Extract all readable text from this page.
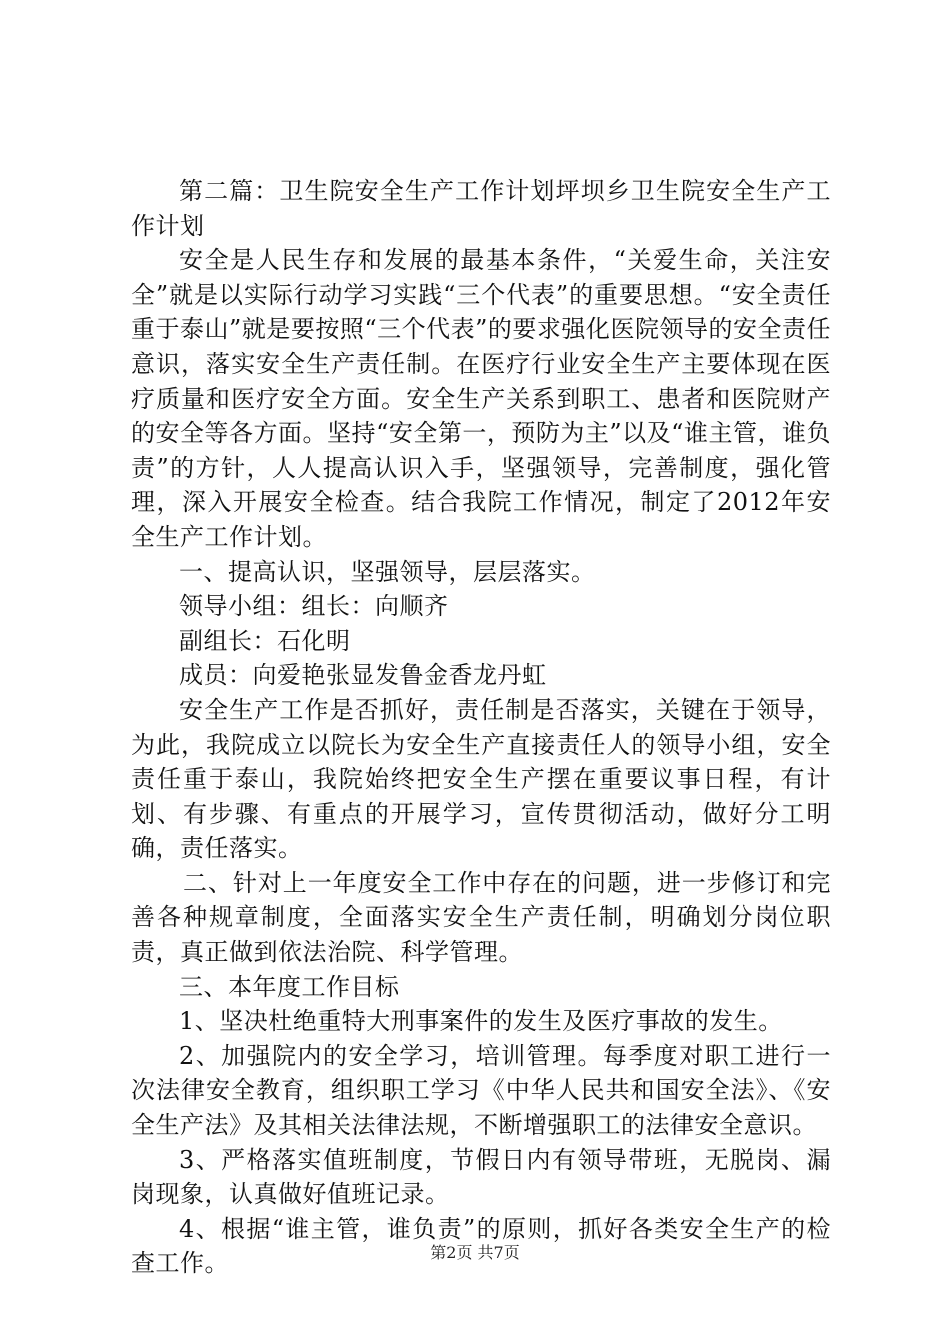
第二篇：卫生院安全生产工作计划坪坝乡卫生院安全生产工作计划

安全是人民生存和发展的最基本条件，“关爱生命，关注安全”就是以实际行动学习实践“三个代表”的重要思想。“安全责任重于泰山”就是要按照“三个代表”的要求强化医院领导的安全责任意识，落实安全生产责任制。在医疗行业安全生产主要体现在医疗质量和医疗安全方面。安全生产关系到职工、患者和医院财产的安全等各方面。坚持“安全第一，预防为主”以及“谁主管，谁负责”的方针，人人提高认识入手，坚强领导，完善制度，强化管理，深入开展安全检查。结合我院工作情况，制定了2012年安全生产工作计划。

一、提高认识，坚强领导，层层落实。

领导小组：组长：向顺齐

副组长：石化明

成员：向爱艳张显发鲁金香龙丹虹

安全生产工作是否抓好，责任制是否落实，关键在于领导，为此，我院成立以院长为安全生产直接责任人的领导小组，安全责任重于泰山，我院始终把安全生产摆在重要议事日程，有计划、有步骤、有重点的开展学习，宣传贯彻活动，做好分工明确，责任落实。

二、针对上一年度安全工作中存在的问题，进一步修订和完善各种规章制度，全面落实安全生产责任制，明确划分岗位职责，真正做到依法治院、科学管理。

三、本年度工作目标

1、坚决杜绝重特大刑事案件的发生及医疗事故的发生。

2、加强院内的安全学习，培训管理。每季度对职工进行一次法律安全教育，组织职工学习《中华人民共和国安全法》、《安全生产法》及其相关法律法规，不断增强职工的法律安全意识。

3、严格落实值班制度，节假日内有领导带班，无脱岗、漏岗现象，认真做好值班记录。

4、根据“谁主管，谁负责”的原则，抓好各类安全生产的检查工作。	第2页 共7页
